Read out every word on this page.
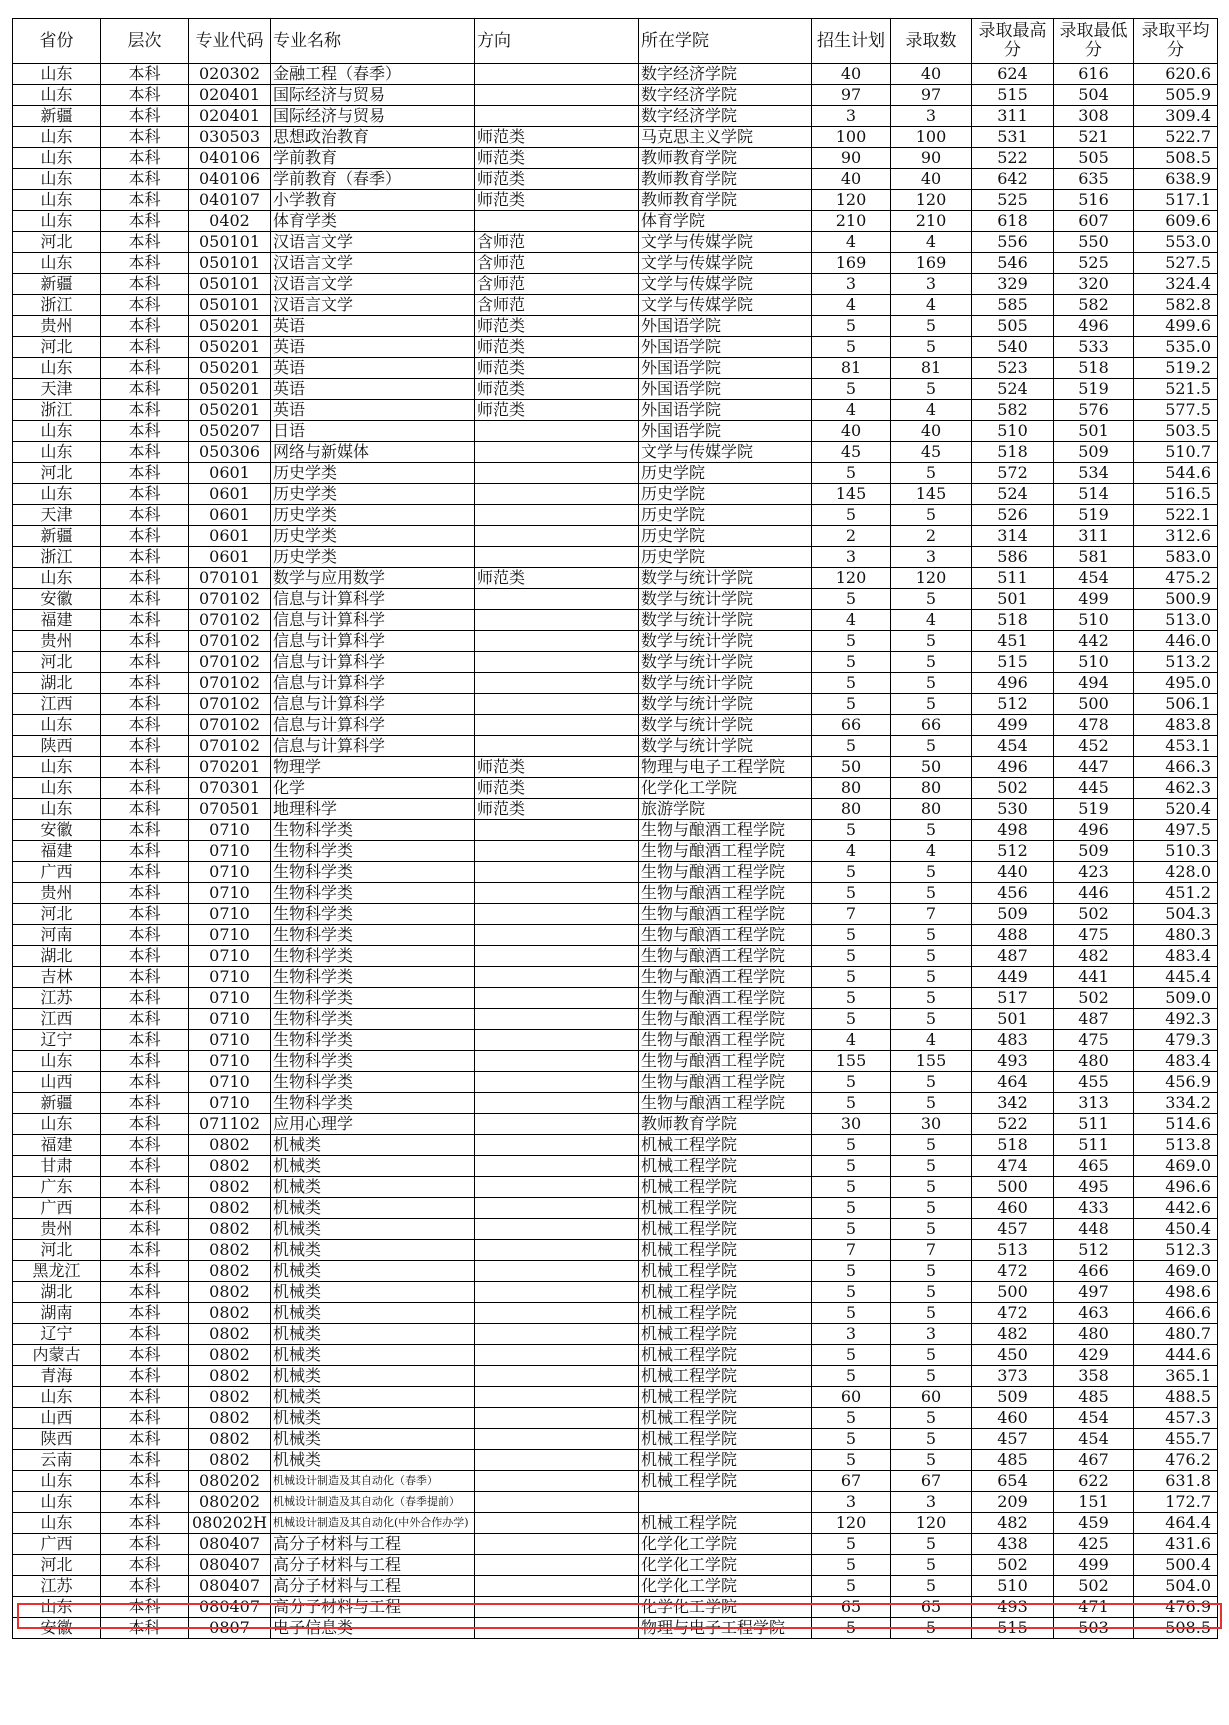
省份	层次	专业代码	专业名称	方向	所在学院	招生计划	录取数	录取最高分	录取最低分	录取平均分
山东	本科	020302	金融工程（春季）		数字经济学院	40	40	624	616	620.6
山东	本科	020401	国际经济与贸易		数字经济学院	97	97	515	504	505.9
新疆	本科	020401	国际经济与贸易		数字经济学院	3	3	311	308	309.4
山东	本科	030503	思想政治教育	师范类	马克思主义学院	100	100	531	521	522.7
山东	本科	040106	学前教育	师范类	教师教育学院	90	90	522	505	508.5
山东	本科	040106	学前教育（春季）	师范类	教师教育学院	40	40	642	635	638.9
山东	本科	040107	小学教育	师范类	教师教育学院	120	120	525	516	517.1
山东	本科	0402	体育学类		体育学院	210	210	618	607	609.6
河北	本科	050101	汉语言文学	含师范	文学与传媒学院	4	4	556	550	553.0
山东	本科	050101	汉语言文学	含师范	文学与传媒学院	169	169	546	525	527.5
新疆	本科	050101	汉语言文学	含师范	文学与传媒学院	3	3	329	320	324.4
浙江	本科	050101	汉语言文学	含师范	文学与传媒学院	4	4	585	582	582.8
贵州	本科	050201	英语	师范类	外国语学院	5	5	505	496	499.6
河北	本科	050201	英语	师范类	外国语学院	5	5	540	533	535.0
山东	本科	050201	英语	师范类	外国语学院	81	81	523	518	519.2
天津	本科	050201	英语	师范类	外国语学院	5	5	524	519	521.5
浙江	本科	050201	英语	师范类	外国语学院	4	4	582	576	577.5
山东	本科	050207	日语		外国语学院	40	40	510	501	503.5
山东	本科	050306	网络与新媒体		文学与传媒学院	45	45	518	509	510.7
河北	本科	0601	历史学类		历史学院	5	5	572	534	544.6
山东	本科	0601	历史学类		历史学院	145	145	524	514	516.5
天津	本科	0601	历史学类		历史学院	5	5	526	519	522.1
新疆	本科	0601	历史学类		历史学院	2	2	314	311	312.6
浙江	本科	0601	历史学类		历史学院	3	3	586	581	583.0
山东	本科	070101	数学与应用数学	师范类	数学与统计学院	120	120	511	454	475.2
安徽	本科	070102	信息与计算科学		数学与统计学院	5	5	501	499	500.9
福建	本科	070102	信息与计算科学		数学与统计学院	4	4	518	510	513.0
贵州	本科	070102	信息与计算科学		数学与统计学院	5	5	451	442	446.0
河北	本科	070102	信息与计算科学		数学与统计学院	5	5	515	510	513.2
湖北	本科	070102	信息与计算科学		数学与统计学院	5	5	496	494	495.0
江西	本科	070102	信息与计算科学		数学与统计学院	5	5	512	500	506.1
山东	本科	070102	信息与计算科学		数学与统计学院	66	66	499	478	483.8
陕西	本科	070102	信息与计算科学		数学与统计学院	5	5	454	452	453.1
山东	本科	070201	物理学	师范类	物理与电子工程学院	50	50	496	447	466.3
山东	本科	070301	化学	师范类	化学化工学院	80	80	502	445	462.3
山东	本科	070501	地理科学	师范类	旅游学院	80	80	530	519	520.4
安徽	本科	0710	生物科学类		生物与酿酒工程学院	5	5	498	496	497.5
福建	本科	0710	生物科学类		生物与酿酒工程学院	4	4	512	509	510.3
广西	本科	0710	生物科学类		生物与酿酒工程学院	5	5	440	423	428.0
贵州	本科	0710	生物科学类		生物与酿酒工程学院	5	5	456	446	451.2
河北	本科	0710	生物科学类		生物与酿酒工程学院	7	7	509	502	504.3
河南	本科	0710	生物科学类		生物与酿酒工程学院	5	5	488	475	480.3
湖北	本科	0710	生物科学类		生物与酿酒工程学院	5	5	487	482	483.4
吉林	本科	0710	生物科学类		生物与酿酒工程学院	5	5	449	441	445.4
江苏	本科	0710	生物科学类		生物与酿酒工程学院	5	5	517	502	509.0
江西	本科	0710	生物科学类		生物与酿酒工程学院	5	5	501	487	492.3
辽宁	本科	0710	生物科学类		生物与酿酒工程学院	4	4	483	475	479.3
山东	本科	0710	生物科学类		生物与酿酒工程学院	155	155	493	480	483.4
山西	本科	0710	生物科学类		生物与酿酒工程学院	5	5	464	455	456.9
新疆	本科	0710	生物科学类		生物与酿酒工程学院	5	5	342	313	334.2
山东	本科	071102	应用心理学		教师教育学院	30	30	522	511	514.6
福建	本科	0802	机械类		机械工程学院	5	5	518	511	513.8
甘肃	本科	0802	机械类		机械工程学院	5	5	474	465	469.0
广东	本科	0802	机械类		机械工程学院	5	5	500	495	496.6
广西	本科	0802	机械类		机械工程学院	5	5	460	433	442.6
贵州	本科	0802	机械类		机械工程学院	5	5	457	448	450.4
河北	本科	0802	机械类		机械工程学院	7	7	513	512	512.3
黑龙江	本科	0802	机械类		机械工程学院	5	5	472	466	469.0
湖北	本科	0802	机械类		机械工程学院	5	5	500	497	498.6
湖南	本科	0802	机械类		机械工程学院	5	5	472	463	466.6
辽宁	本科	0802	机械类		机械工程学院	3	3	482	480	480.7
内蒙古	本科	0802	机械类		机械工程学院	5	5	450	429	444.6
青海	本科	0802	机械类		机械工程学院	5	5	373	358	365.1
山东	本科	0802	机械类		机械工程学院	60	60	509	485	488.5
山西	本科	0802	机械类		机械工程学院	5	5	460	454	457.3
陕西	本科	0802	机械类		机械工程学院	5	5	457	454	455.7
云南	本科	0802	机械类		机械工程学院	5	5	485	467	476.2
山东	本科	080202	机械设计制造及其自动化（春季）		机械工程学院	67	67	654	622	631.8
山东	本科	080202	机械设计制造及其自动化（春季提前）			3	3	209	151	172.7
山东	本科	080202H	机械设计制造及其自动化(中外合作办学)		机械工程学院	120	120	482	459	464.4
广西	本科	080407	高分子材料与工程		化学化工学院	5	5	438	425	431.6
河北	本科	080407	高分子材料与工程		化学化工学院	5	5	502	499	500.4
江苏	本科	080407	高分子材料与工程		化学化工学院	5	5	510	502	504.0
山东	本科	080407	高分子材料与工程		化学化工学院	65	65	493	471	476.9
安徽	本科	0807	电子信息类		物理与电子工程学院	5	5	515	503	508.5
